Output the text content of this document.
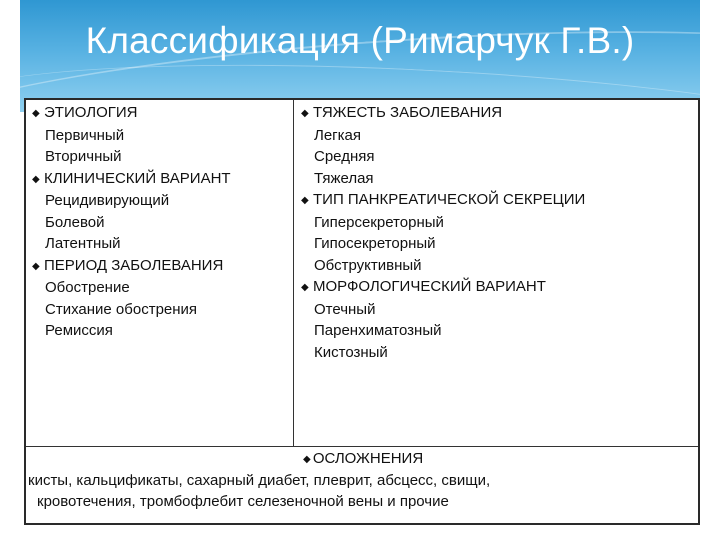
Классификация (Римарчук Г.В.)
◆ ЭТИОЛОГИЯ
Первичный
Вторичный
◆ КЛИНИЧЕСКИЙ ВАРИАНТ
Рецидивирующий
Болевой
Латентный
◆ ПЕРИОД ЗАБОЛЕВАНИЯ
Обострение
Стихание обострения
Ремиссия
◆ ТЯЖЕСТЬ ЗАБОЛЕВАНИЯ
Легкая
Средняя
Тяжелая
◆ ТИП ПАНКРЕАТИЧЕСКОЙ СЕКРЕЦИИ
Гиперсекреторный
Гипосекреторный
Обструктивный
◆ МОРФОЛОГИЧЕСКИЙ ВАРИАНТ
Отечный
Паренхиматозный
Кистозный
◆ ОСЛОЖНЕНИЯ
кисты, кальцификаты, сахарный диабет, плеврит, абсцесс, свищи,
кровотечения, тромбофлебит селезеночной вены и прочие
